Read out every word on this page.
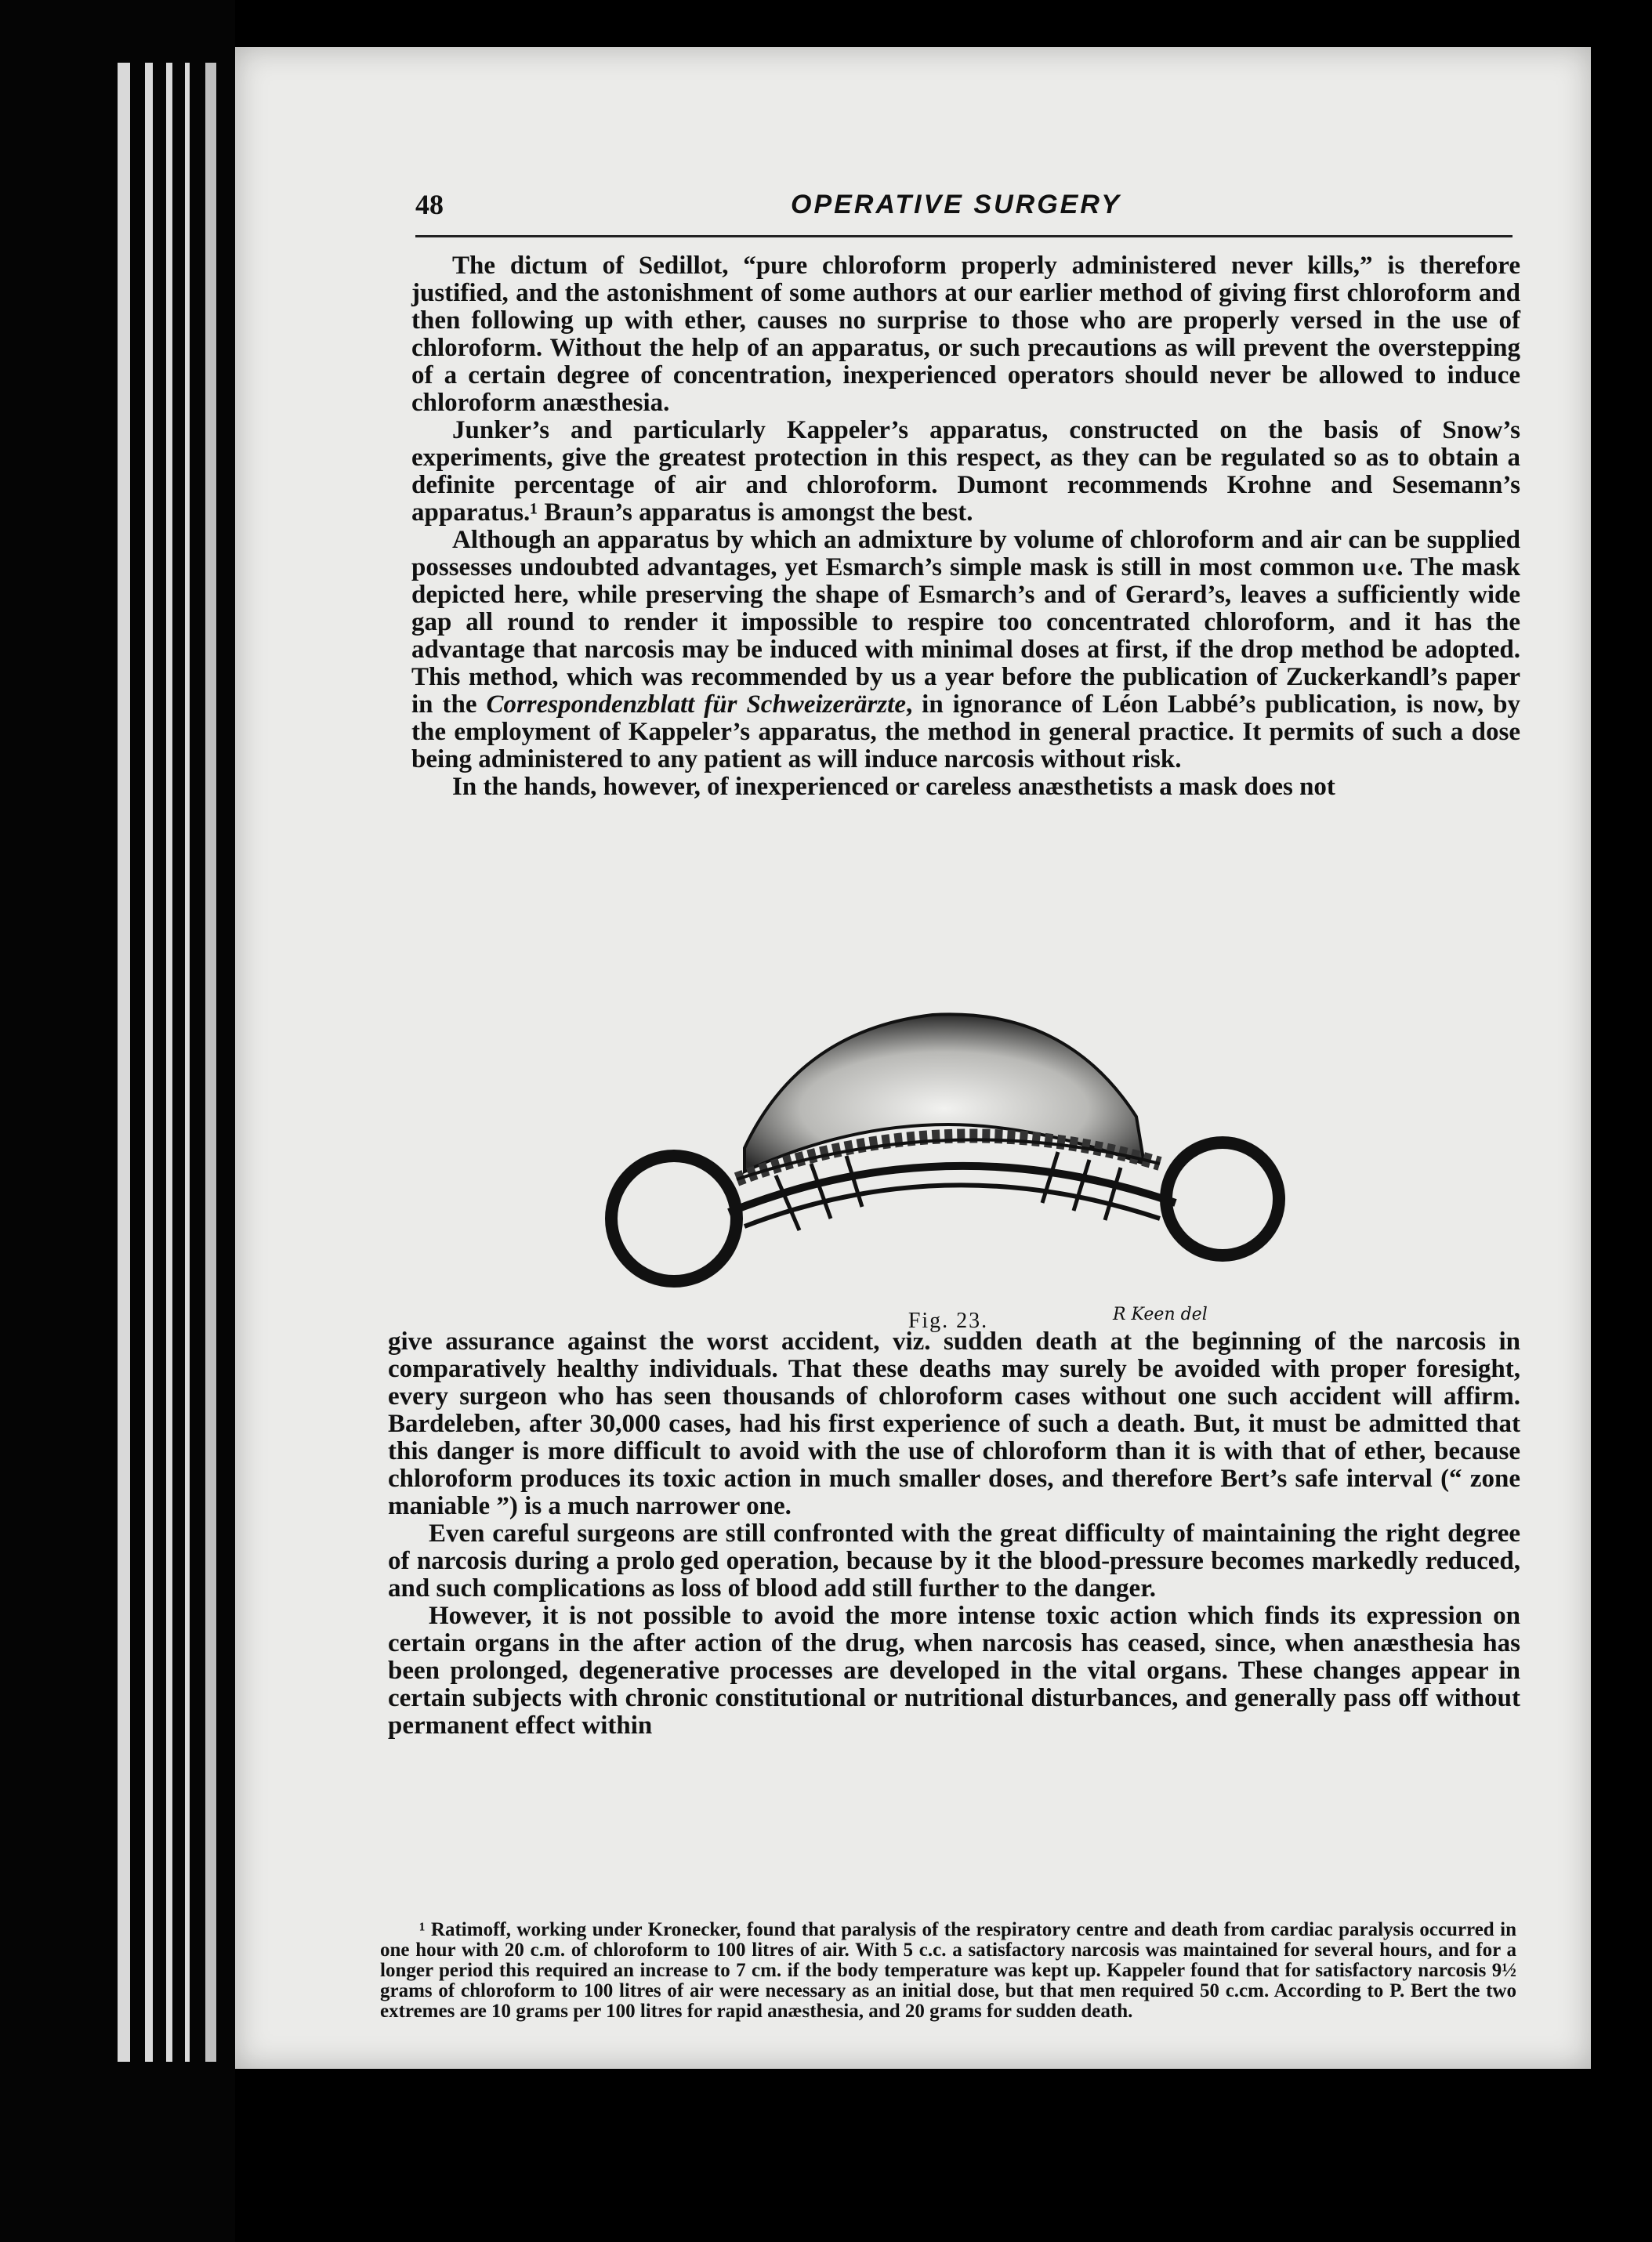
48	OPERATIVE SURGERY

The dictum of Sedillot, “pure chloroform properly administered never kills,” is therefore justified, and the astonishment of some authors at our earlier method of giving first chloroform and then following up with ether, causes no surprise to those who are properly versed in the use of chloroform. Without the help of an apparatus, or such precautions as will prevent the overstepping of a certain degree of concentration, inexperienced operators should never be allowed to induce chloroform anæsthesia.

Junker’s and particularly Kappeler’s apparatus, constructed on the basis of Snow’s experiments, give the greatest protection in this respect, as they can be regulated so as to obtain a definite percentage of air and chloroform. Dumont recommends Krohne and Sesemann’s apparatus.¹ Braun’s apparatus is amongst the best.

Although an apparatus by which an admixture by volume of chloroform and air can be supplied possesses undoubted advantages, yet Esmarch’s simple mask is still in most common u‹e. The mask depicted here, while preserving the shape of Esmarch’s and of Gerard’s, leaves a sufficiently wide gap all round to render it impossible to respire too concentrated chloroform, and it has the advantage that narcosis may be induced with minimal doses at first, if the drop method be adopted. This method, which was recommended by us a year before the publication of Zuckerkandl’s paper in the Correspondenzblatt für Schweizerärzte, in ignorance of Léon Labbé’s publication, is now, by the employment of Kappeler’s apparatus, the method in general practice. It permits of such a dose being administered to any patient as will induce narcosis without risk.

In the hands, however, of inexperienced or careless anæsthetists a mask does not

Fig. 23.	R Keen del

give assurance against the worst accident, viz. sudden death at the beginning of the narcosis in comparatively healthy individuals. That these deaths may surely be avoided with proper foresight, every surgeon who has seen thousands of chloroform cases without one such accident will affirm. Bardeleben, after 30,000 cases, had his first experience of such a death. But, it must be admitted that this danger is more difficult to avoid with the use of chloroform than it is with that of ether, because chloroform produces its toxic action in much smaller doses, and therefore Bert’s safe interval (“ zone maniable ”) is a much narrower one.

Even careful surgeons are still confronted with the great difficulty of maintaining the right degree of narcosis during a prolo ged operation, because by it the blood-pressure becomes markedly reduced, and such complications as loss of blood add still further to the danger.

However, it is not possible to avoid the more intense toxic action which finds its expression on certain organs in the after action of the drug, when narcosis has ceased, since, when anæsthesia has been prolonged, degenerative processes are developed in the vital organs. These changes appear in certain subjects with chronic constitutional or nutritional disturbances, and generally pass off without permanent effect within

¹ Ratimoff, working under Kronecker, found that paralysis of the respiratory centre and death from cardiac paralysis occurred in one hour with 20 c.m. of chloroform to 100 litres of air. With 5 c.c. a satisfactory narcosis was maintained for several hours, and for a longer period this required an increase to 7 cm. if the body temperature was kept up. Kappeler found that for satisfactory narcosis 9½ grams of chloroform to 100 litres of air were necessary as an initial dose, but that men required 50 c.cm. According to P. Bert the two extremes are 10 grams per 100 litres for rapid anæsthesia, and 20 grams for sudden death.
